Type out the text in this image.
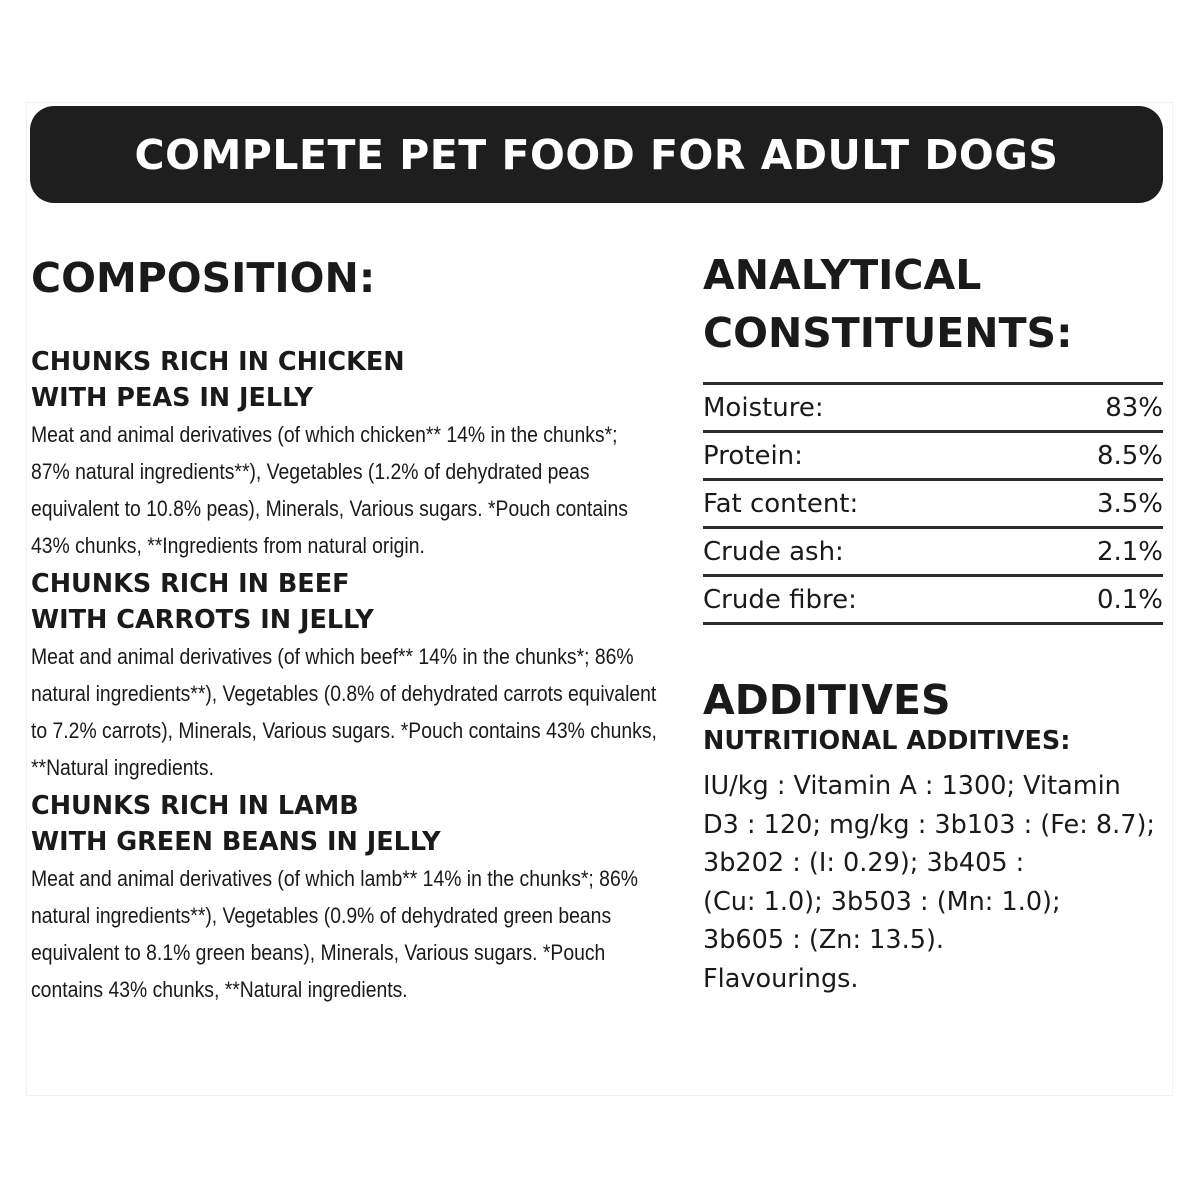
COMPLETE PET FOOD FOR ADULT DOGS
COMPOSITION:
CHUNKS RICH IN CHICKEN
WITH PEAS IN JELLY

Meat and animal derivatives (of which chicken** 14% in the chunks*; 87% natural ingredients**), Vegetables (1.2% of dehydrated peas equivalent to 10.8% peas), Minerals, Various sugars. *Pouch contains 43% chunks, **Ingredients from natural origin.

CHUNKS RICH IN BEEF
WITH CARROTS IN JELLY

Meat and animal derivatives (of which beef** 14% in the chunks*; 86% natural ingredients**), Vegetables (0.8% of dehydrated carrots equivalent to 7.2% carrots), Minerals, Various sugars. *Pouch contains 43% chunks, **Natural ingredients.

CHUNKS RICH IN LAMB
WITH GREEN BEANS IN JELLY

Meat and animal derivatives (of which lamb** 14% in the chunks*; 86% natural ingredients**), Vegetables (0.9% of dehydrated green beans equivalent to 8.1% green beans), Minerals, Various sugars. *Pouch contains 43% chunks, **Natural ingredients.

ANALYTICAL
CONSTITUENTS:
Moisture:	83%
Protein:	8.5%
Fat content:	3.5%
Crude ash:	2.1%
Crude fibre:	0.1%
ADDITIVES
NUTRITIONAL ADDITIVES:
IU/kg : Vitamin A : 1300; Vitamin
D3 : 120; mg/kg : 3b103 : (Fe: 8.7);
3b202 : (I: 0.29); 3b405 :
(Cu: 1.0); 3b503 : (Mn: 1.0);
3b605 : (Zn: 13.5).
Flavourings.
